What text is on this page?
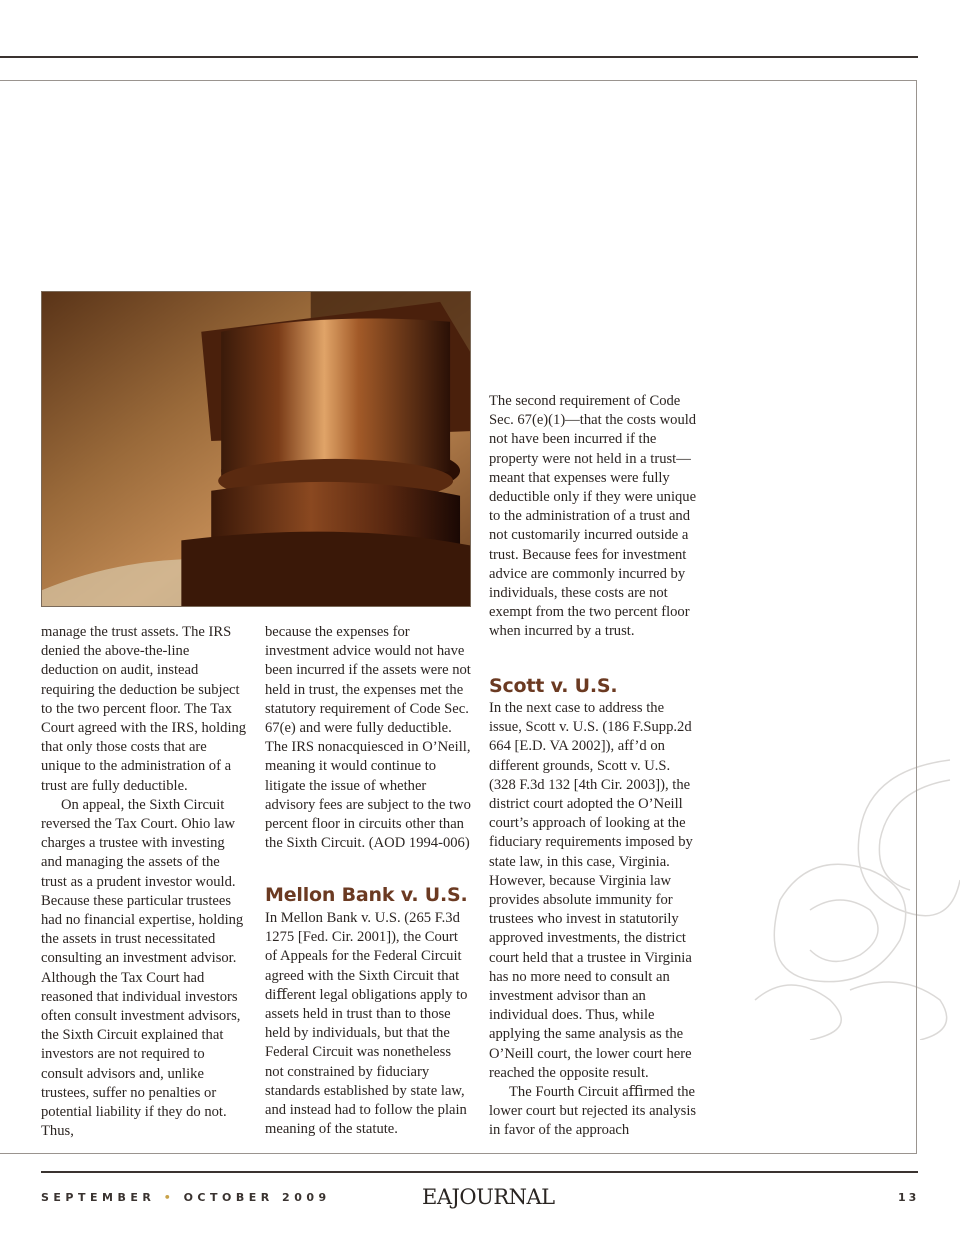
The second requirement of Code Sec. 67(e)(1)—that the costs would not have been incurred if the property were not held in a trust—meant that expenses were fully deductible only if they were unique to the administration of a trust and not customarily incurred outside a trust. Because fees for investment advice are commonly incurred by individuals, these costs are not exempt from the two percent floor when incurred by a trust.

manage the trust assets. The IRS denied the above-the-line deduction on audit, instead requiring the deduction be subject to the two percent floor. The Tax Court agreed with the IRS, holding that only those costs that are unique to the administration of a trust are fully deductible.

On appeal, the Sixth Circuit reversed the Tax Court. Ohio law charges a trustee with investing and managing the assets of the trust as a prudent investor would. Because these particular trustees had no financial expertise, holding the assets in trust necessitated consulting an investment advisor. Although the Tax Court had reasoned that individual investors often consult investment advisors, the Sixth Circuit explained that investors are not required to consult advisors and, unlike trustees, suffer no penalties or potential liability if they do not. Thus,

because the expenses for investment advice would not have been incurred if the assets were not held in trust, the expenses met the statutory requirement of Code Sec. 67(e) and were fully deductible. The IRS nonacquiesced in O’Neill, meaning it would continue to litigate the issue of whether advisory fees are subject to the two percent floor in circuits other than the Sixth Circuit. (AOD 1994-006)

Mellon Bank v. U.S.

In Mellon Bank v. U.S. (265 F.3d 1275 [Fed. Cir. 2001]), the Court of Appeals for the Federal Circuit agreed with the Sixth Circuit that diﬀerent legal obligations apply to assets held in trust than to those held by individuals, but that the Federal Circuit was nonetheless not constrained by fiduciary standards established by state law, and instead had to follow the plain meaning of the statute.

Scott v. U.S.

In the next case to address the issue, Scott v. U.S. (186 F.Supp.2d 664 [E.D. VA 2002]), aff’d on different grounds, Scott v. U.S. (328 F.3d 132 [4th Cir. 2003]), the district court adopted the O’Neill court’s approach of looking at the fiduciary requirements imposed by state law, in this case, Virginia. However, because Virginia law provides absolute immunity for trustees who invest in statutorily approved investments, the district court held that a trustee in Virginia has no more need to consult an investment advisor than an individual does. Thus, while applying the same analysis as the O’Neill court, the lower court here reached the opposite result.

The Fourth Circuit aﬃrmed the lower court but rejected its analysis in favor of the approach

SEPTEMBER • OCTOBER 2009	EAJOURNAL	13
